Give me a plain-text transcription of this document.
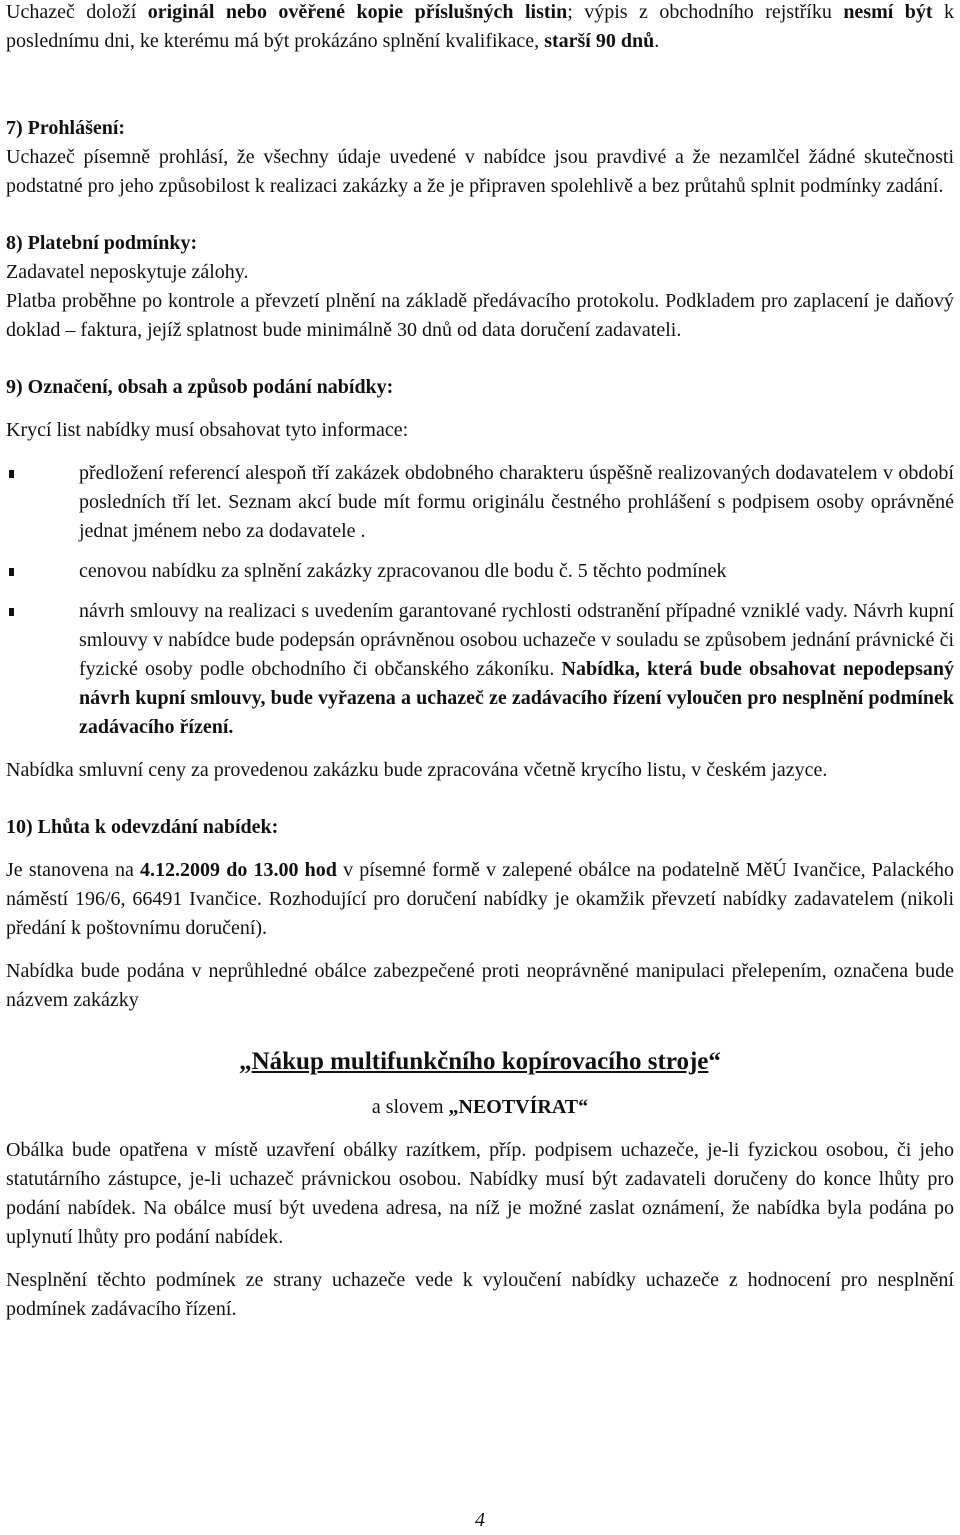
Uchazeč doloží originál nebo ověřené kopie příslušných listin; výpis z obchodního rejstříku nesmí být k poslednímu dni, ke kterému má být prokázáno splnění kvalifikace, starší 90 dnů.

7) Prohlášení:

Uchazeč písemně prohlásí, že všechny údaje uvedené v nabídce jsou pravdivé a že nezamlčel žádné skutečnosti podstatné pro jeho způsobilost k realizaci zakázky a že je připraven spolehlivě a bez průtahů splnit podmínky zadání.

8) Platební podmínky:

Zadavatel neposkytuje zálohy.

Platba proběhne po kontrole a převzetí plnění na základě předávacího protokolu. Podkladem pro zaplacení je daňový doklad – faktura, jejíž splatnost bude minimálně 30 dnů od data doručení zadavateli.

9) Označení, obsah a způsob podání nabídky:

Krycí list nabídky musí obsahovat tyto informace:

předložení referencí alespoň tří zakázek obdobného charakteru úspěšně realizovaných dodavatelem v období posledních tří let. Seznam akcí bude mít formu originálu čestného prohlášení s podpisem osoby oprávněné jednat jménem nebo za dodavatele .
cenovou nabídku za splnění zakázky zpracovanou dle bodu č. 5 těchto podmínek
návrh smlouvy na realizaci s uvedením garantované rychlosti odstranění případné vzniklé vady. Návrh kupní smlouvy v nabídce bude podepsán oprávněnou osobou uchazeče v souladu se způsobem jednání právnické či fyzické osoby podle obchodního či občanského zákoníku. Nabídka, která bude obsahovat nepodepsaný návrh kupní smlouvy, bude vyřazena a uchazeč ze zadávacího řízení vyloučen pro nesplnění podmínek zadávacího řízení.

Nabídka smluvní ceny za provedenou zakázku bude zpracována včetně krycího listu, v českém jazyce.

10) Lhůta k odevzdání nabídek:

Je stanovena na 4.12.2009 do 13.00 hod v písemné formě v zalepené obálce na podatelně MěÚ Ivančice, Palackého náměstí 196/6, 66491 Ivančice. Rozhodující pro doručení nabídky je okamžik převzetí nabídky zadavatelem (nikoli předání k poštovnímu doručení).

Nabídka bude podána v neprůhledné obálce zabezpečené proti neoprávněné manipulaci přelepením, označena bude názvem zakázky

„Nákup multifunkčního kopírovacího stroje“

a slovem „NEOTVÍRAT“

Obálka bude opatřena v místě uzavření obálky razítkem, příp. podpisem uchazeče, je-li fyzickou osobou, či jeho statutárního zástupce, je-li uchazeč právnickou osobou. Nabídky musí být zadavateli doručeny do konce lhůty pro podání nabídek. Na obálce musí být uvedena adresa, na níž je možné zaslat oznámení, že nabídka byla podána po uplynutí lhůty pro podání nabídek.

Nesplnění těchto podmínek ze strany uchazeče vede k vyloučení nabídky uchazeče z hodnocení pro nesplnění podmínek zadávacího řízení.

4
